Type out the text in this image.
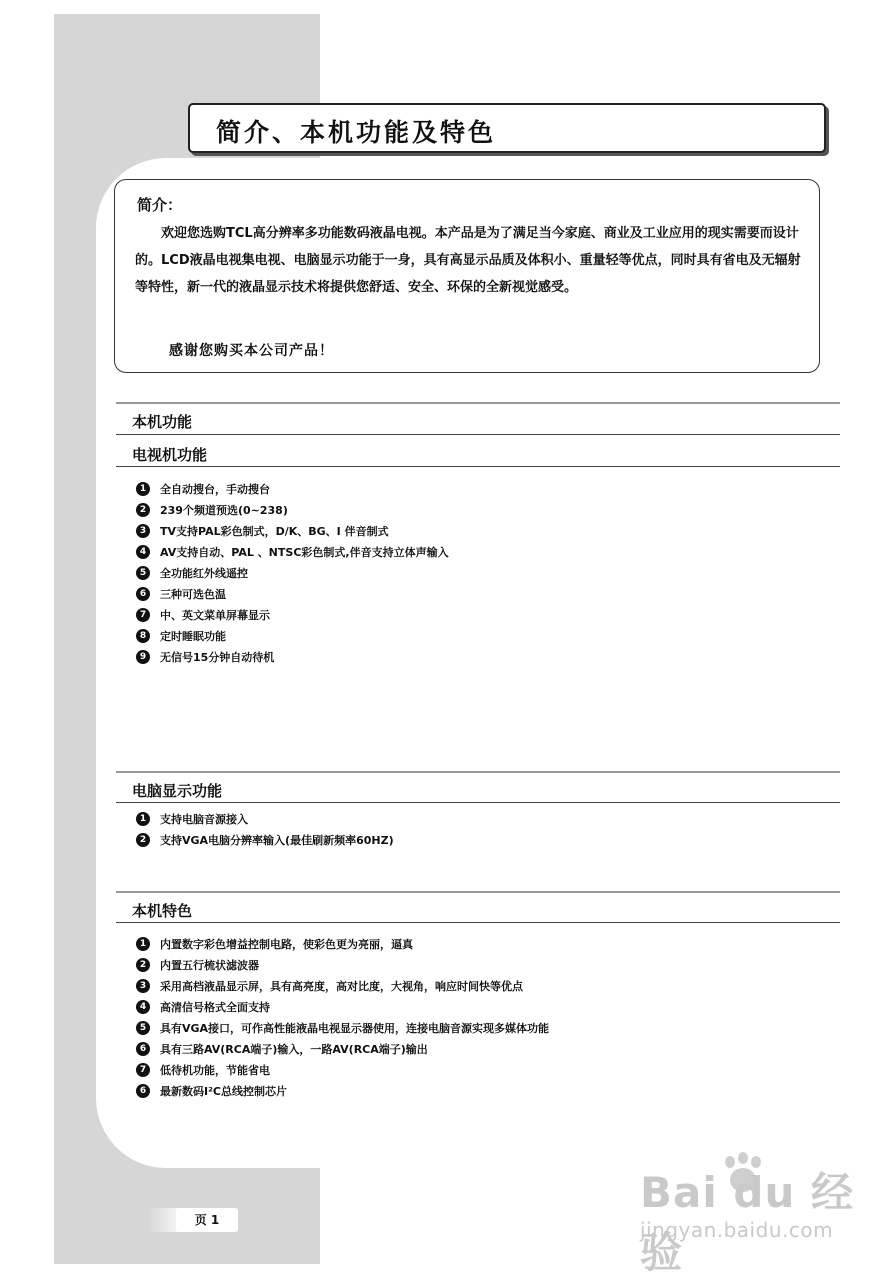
简介、本机功能及特色
简介：
　　欢迎您选购TCL高分辨率多功能数码液晶电视。本产品是为了满足当今家庭、商业及工业应用的现实需要而设计的。LCD液晶电视集电视、电脑显示功能于一身，具有高显示品质及体积小、重量轻等优点，同时具有省电及无辐射等特性，新一代的液晶显示技术将提供您舒适、安全、环保的全新视觉感受。
感谢您购买本公司产品！
本机功能
电视机功能
1	全自动搜台，手动搜台
2	239个频道预选(0~238)
3	TV支持PAL彩色制式，D/K、BG、I 伴音制式
4	AV支持自动、PAL 、NTSC彩色制式,伴音支持立体声输入
5	全功能红外线遥控
6	三种可选色温
7	中、英文菜单屏幕显示
8	定时睡眠功能
9	无信号15分钟自动待机
电脑显示功能
1	支持电脑音源接入
2	支持VGA电脑分辨率输入(最佳刷新频率60HZ)
本机特色
1	内置数字彩色增益控制电路，使彩色更为亮丽，逼真
2	内置五行梳状滤波器
3	采用高档液晶显示屏，具有高亮度，高对比度，大视角，响应时间快等优点
4	高清信号格式全面支持
5	具有VGA接口，可作高性能液晶电视显示器使用，连接电脑音源实现多媒体功能
6	具有三路AV(RCA端子)输入，一路AV(RCA端子)输出
7	低待机功能，节能省电
6	最新数码I²C总线控制芯片
页 1
Bai du 经验
jingyan.baidu.com
